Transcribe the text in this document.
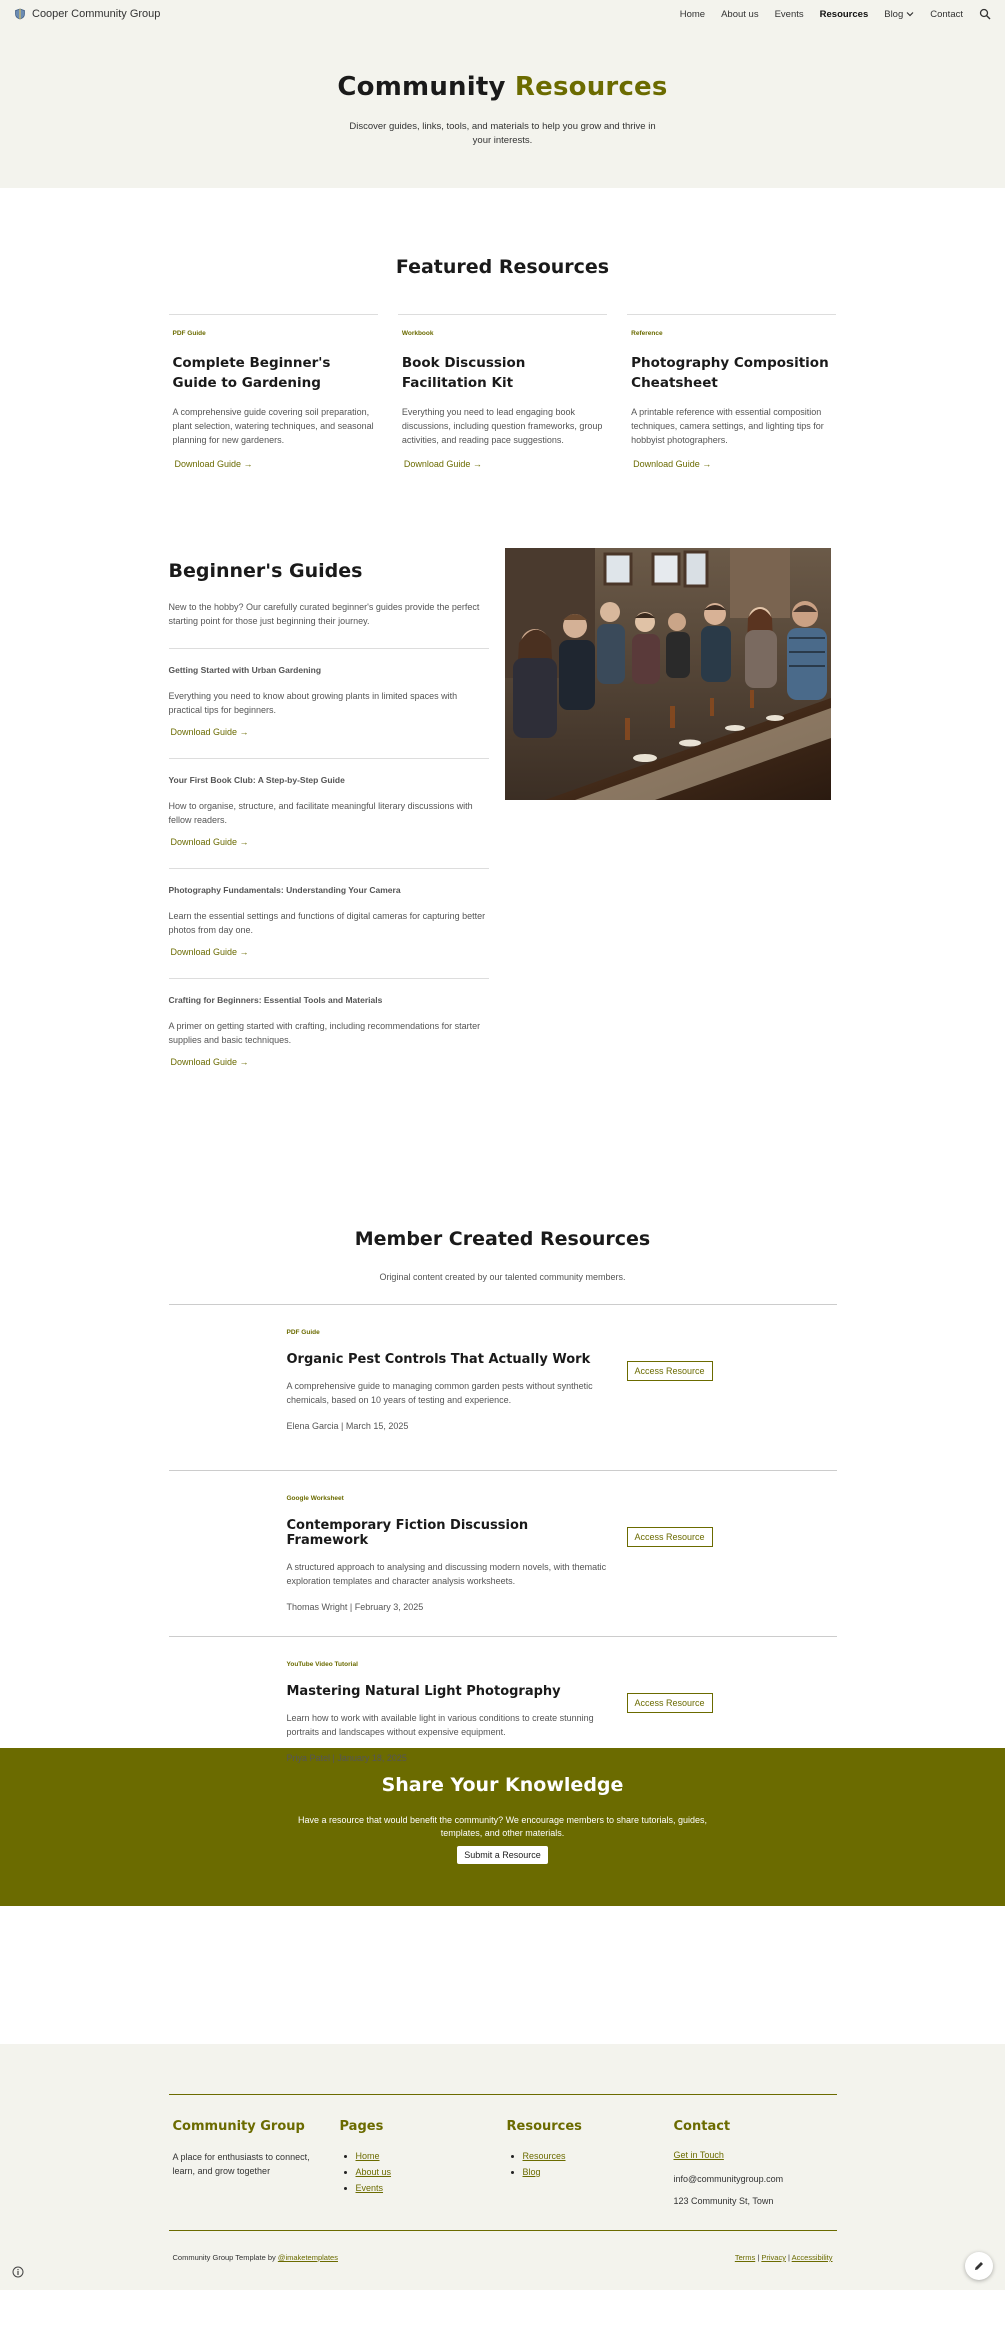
Cooper Community Group	Home About us Events Resources Blog	Contact
Community Resources

Discover guides, links, tools, and materials to help you grow and thrive in your interests.

Featured Resources
PDF Guide
Complete Beginner's Guide to Gardening

A comprehensive guide covering soil preparation, plant selection, watering techniques, and seasonal planning for new gardeners.

Download Guide →
Workbook
Book Discussion Facilitation Kit

Everything you need to lead engaging book discussions, including question frameworks, group activities, and reading pace suggestions.

Download Guide →
Reference
Photography Composition Cheatsheet

A printable reference with essential composition techniques, camera settings, and lighting tips for hobbyist photographers.

Download Guide →
Beginner's Guides

New to the hobby? Our carefully curated beginner's guides provide the perfect starting point for those just beginning their journey.

Getting Started with Urban Gardening

Everything you need to know about growing plants in limited spaces with practical tips for beginners.

Download Guide →
Your First Book Club: A Step-by-Step Guide

How to organise, structure, and facilitate meaningful literary discussions with fellow readers.

Download Guide →
Photography Fundamentals: Understanding Your Camera

Learn the essential settings and functions of digital cameras for capturing better photos from day one.

Download Guide →
Crafting for Beginners: Essential Tools and Materials

A primer on getting started with crafting, including recommendations for starter supplies and basic techniques.

Download Guide →
Member Created Resources

Original content created by our talented community members.

PDF Guide
Organic Pest Controls That Actually Work

A comprehensive guide to managing common garden pests without synthetic chemicals, based on 10 years of testing and experience.

Elena Garcia | March 15, 2025
Access Resource
Google Worksheet
Contemporary Fiction Discussion Framework

A structured approach to analysing and discussing modern novels, with thematic exploration templates and character analysis worksheets.

Thomas Wright | February 3, 2025
Access Resource
YouTube Video Tutorial
Mastering Natural Light Photography

Learn how to work with available light in various conditions to create stunning portraits and landscapes without expensive equipment.

Priya Patel | January 18, 2025
Access Resource
Share Your Knowledge

Have a resource that would benefit the community? We encourage members to share tutorials, guides, templates, and other materials.

Submit a Resource
Community Group

A place for enthusiasts to connect, learn, and grow together

Pages
• Home
• About us
• Events
Resources
• Resources
• Blog
Contact
Get in Touch
info@communitygroup.com
123 Community St, Town
Community Group Template by @imaketemplates	Terms | Privacy | Accessibility
